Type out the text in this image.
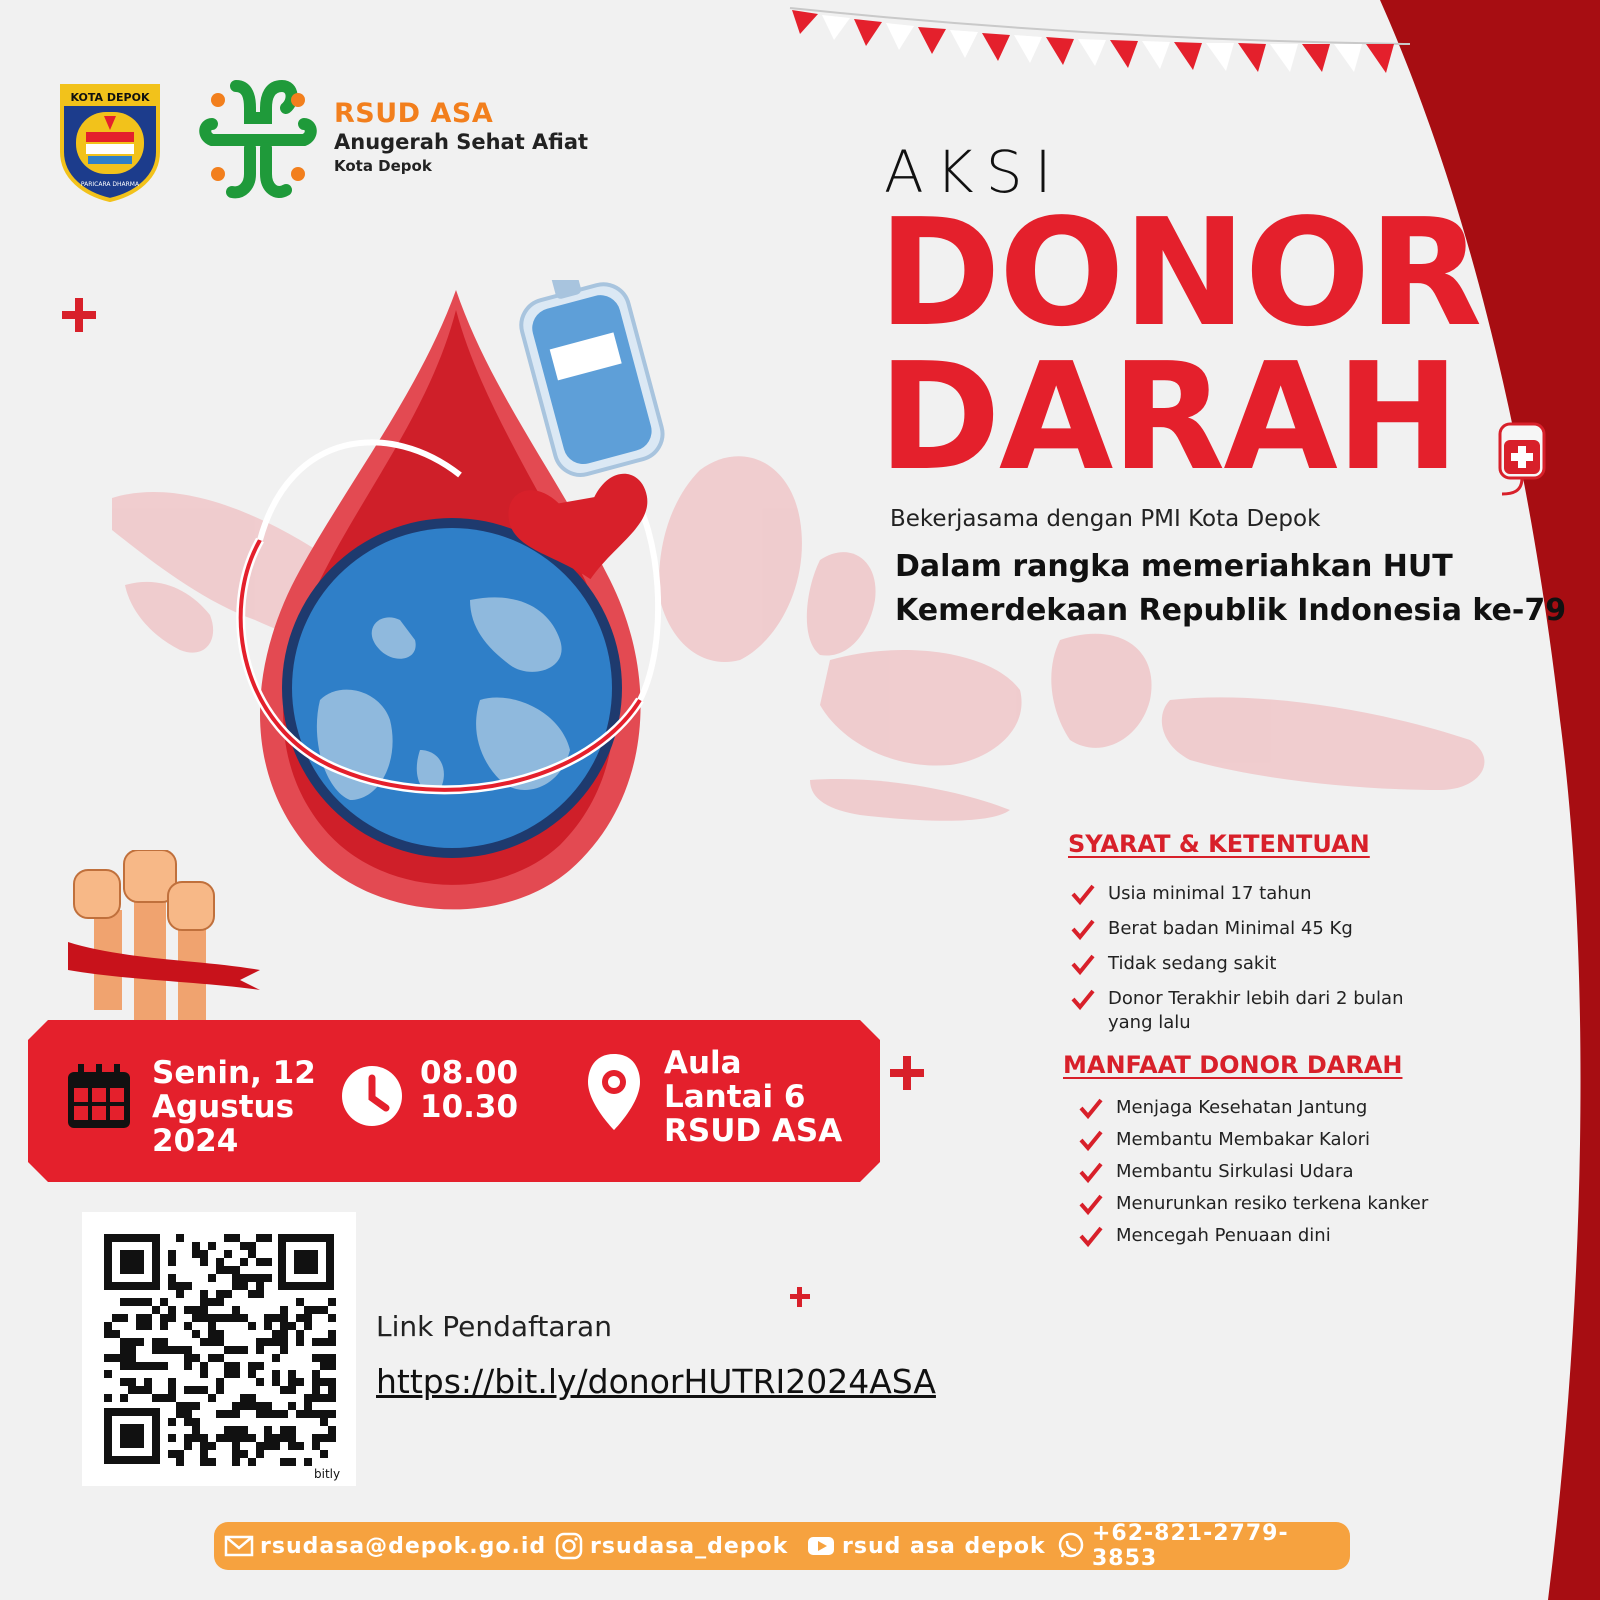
KOTA DEPOK
PARICARA DHARMA
RSUD ASA
Anugerah Sehat Afiat
Kota Depok	AKSI
DONOR
DARAH
Bekerjasama dengan PMI Kota Depok
Dalam rangka memeriahkan HUT
Kemerdekaan Republik Indonesia ke-79
SYARAT & KETENTUAN
Usia minimal 17 tahun
Berat badan Minimal 45 Kg
Tidak sedang sakit
Donor Terakhir lebih dari 2 bulan yang lalu
MANFAAT DONOR DARAH
Menjaga Kesehatan Jantung
Membantu Membakar Kalori
Membantu Sirkulasi Udara
Menurunkan resiko terkena kanker
Mencegah Penuaan dini
Senin, 12
Agustus
2024
08.00
10.30
Aula
Lantai 6
RSUD ASA
bitly
Link Pendaftaran
https://bit.ly/donorHUTRI2024ASA
rsudasa@depok.go.id rsudasa_depok rsud asa depok +62-821-2779-3853
